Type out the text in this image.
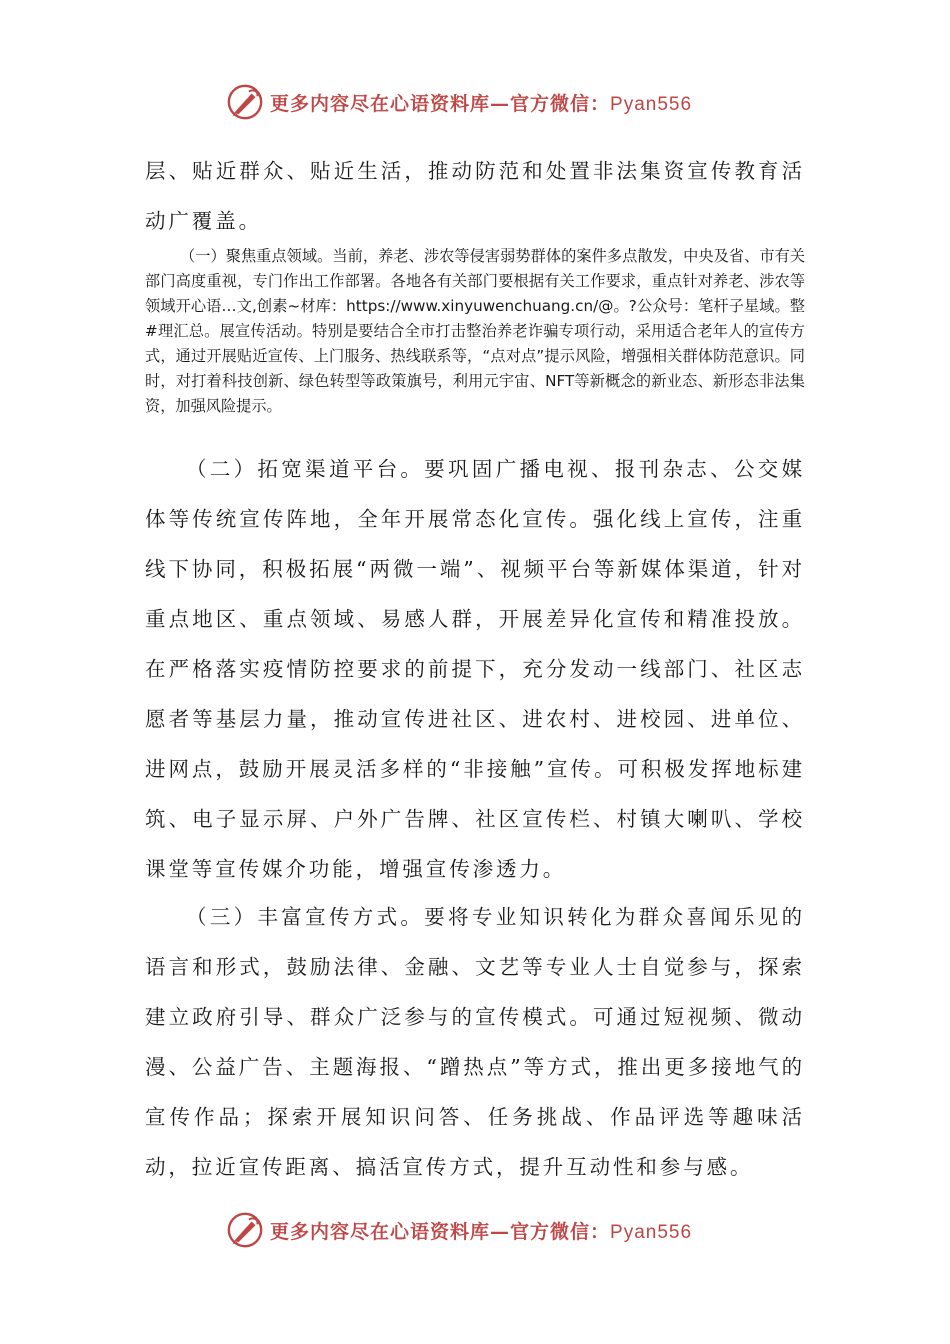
更多内容尽在心语资料库—官方微信：Pyan556

层、贴近群众、贴近生活，推动防范和处置非法集资宣传教育活动广覆盖。

（一）聚焦重点领域。当前，养老、涉农等侵害弱势群体的案件多点散发，中央及省、市有关部门高度重视，专门作出工作部署。各地各有关部门要根据有关工作要求，重点针对养老、涉农等领域开心语…文,创素~材库：https://www.xinyuwenchuang.cn/@。?公众号：笔杆子星域。整#理汇总。展宣传活动。特别是要结合全市打击整治养老诈骗专项行动，采用适合老年人的宣传方式，通过开展贴近宣传、上门服务、热线联系等，“点对点”提示风险，增强相关群体防范意识。同时，对打着科技创新、绿色转型等政策旗号，利用元宇宙、NFT等新概念的新业态、新形态非法集资，加强风险提示。

（二）拓宽渠道平台。要巩固广播电视、报刊杂志、公交媒体等传统宣传阵地，全年开展常态化宣传。强化线上宣传，注重线下协同，积极拓展“两微一端”、视频平台等新媒体渠道，针对重点地区、重点领域、易感人群，开展差异化宣传和精准投放。在严格落实疫情防控要求的前提下，充分发动一线部门、社区志愿者等基层力量，推动宣传进社区、进农村、进校园、进单位、进网点，鼓励开展灵活多样的“非接触”宣传。可积极发挥地标建筑、电子显示屏、户外广告牌、社区宣传栏、村镇大喇叭、学校课堂等宣传媒介功能，增强宣传渗透力。

（三）丰富宣传方式。要将专业知识转化为群众喜闻乐见的语言和形式，鼓励法律、金融、文艺等专业人士自觉参与，探索建立政府引导、群众广泛参与的宣传模式。可通过短视频、微动漫、公益广告、主题海报、“蹭热点”等方式，推出更多接地气的宣传作品；探索开展知识问答、任务挑战、作品评选等趣味活动，拉近宣传距离、搞活宣传方式，提升互动性和参与感。

更多内容尽在心语资料库—官方微信：Pyan556
